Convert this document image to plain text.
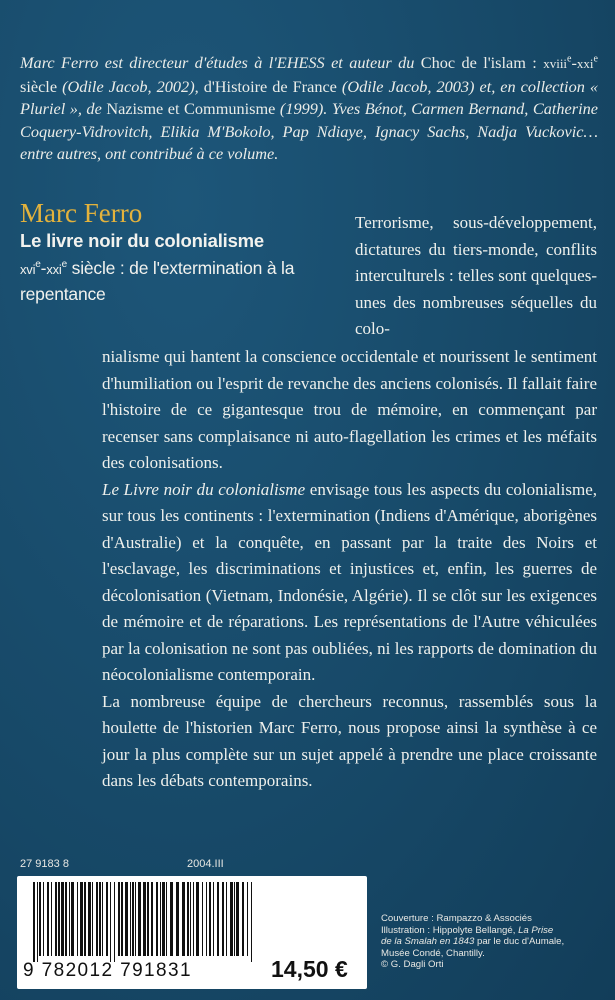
Marc Ferro est directeur d'études à l'EHESS et auteur du Choc de l'islam : xviii$^e$-xxi$^e$ siècle (Odile Jacob, 2002), d'Histoire de France (Odile Jacob, 2003) et, en collection « Pluriel », de Nazisme et Communisme (1999). Yves Bénot, Carmen Bernand, Catherine Coquery-Vidrovitch, Elikia M'Bokolo, Pap Ndiaye, Ignacy Sachs, Nadja Vuckovic… entre autres, ont contribué à ce volume.
Marc Ferro
Le livre noir du colonialisme
xvi$^e$-xxi$^e$ siècle : de l'extermination à la repentance
Terrorisme, sous-développement, dictatures du tiers-monde, conflits interculturels : telles sont quelques-unes des nombreuses séquelles du colo-

nialisme qui hantent la conscience occidentale et nourissent le sentiment d'humiliation ou l'esprit de revanche des anciens colonisés. Il fallait faire l'histoire de ce gigantesque trou de mémoire, en commençant par recenser sans complaisance ni auto-flagellation les crimes et les méfaits des colonisations.

Le Livre noir du colonialisme envisage tous les aspects du colonialisme, sur tous les continents : l'extermination (Indiens d'Amérique, aborigènes d'Australie) et la conquête, en passant par la traite des Noirs et l'esclavage, les discriminations et injustices et, enfin, les guerres de décolonisation (Vietnam, Indonésie, Algérie). Il se clôt sur les exigences de mémoire et de réparations. Les représentations de l'Autre véhiculées par la colonisation ne sont pas oubliées, ni les rapports de domination du néocolonialisme contemporain.

La nombreuse équipe de chercheurs reconnus, rassemblés sous la houlette de l'historien Marc Ferro, nous propose ainsi la synthèse à ce jour la plus complète sur un sujet appelé à prendre une place croissante dans les débats contemporains.

27 9183 8	2004.III
9 782012 791831	14,50 €
Couverture : Rampazzo & Associés
Illustration : Hippolyte Bellangé, La Prise
de la Smalah en 1843 par le duc d'Aumale,
Musée Condé, Chantilly.
© G. Dagli Orti
